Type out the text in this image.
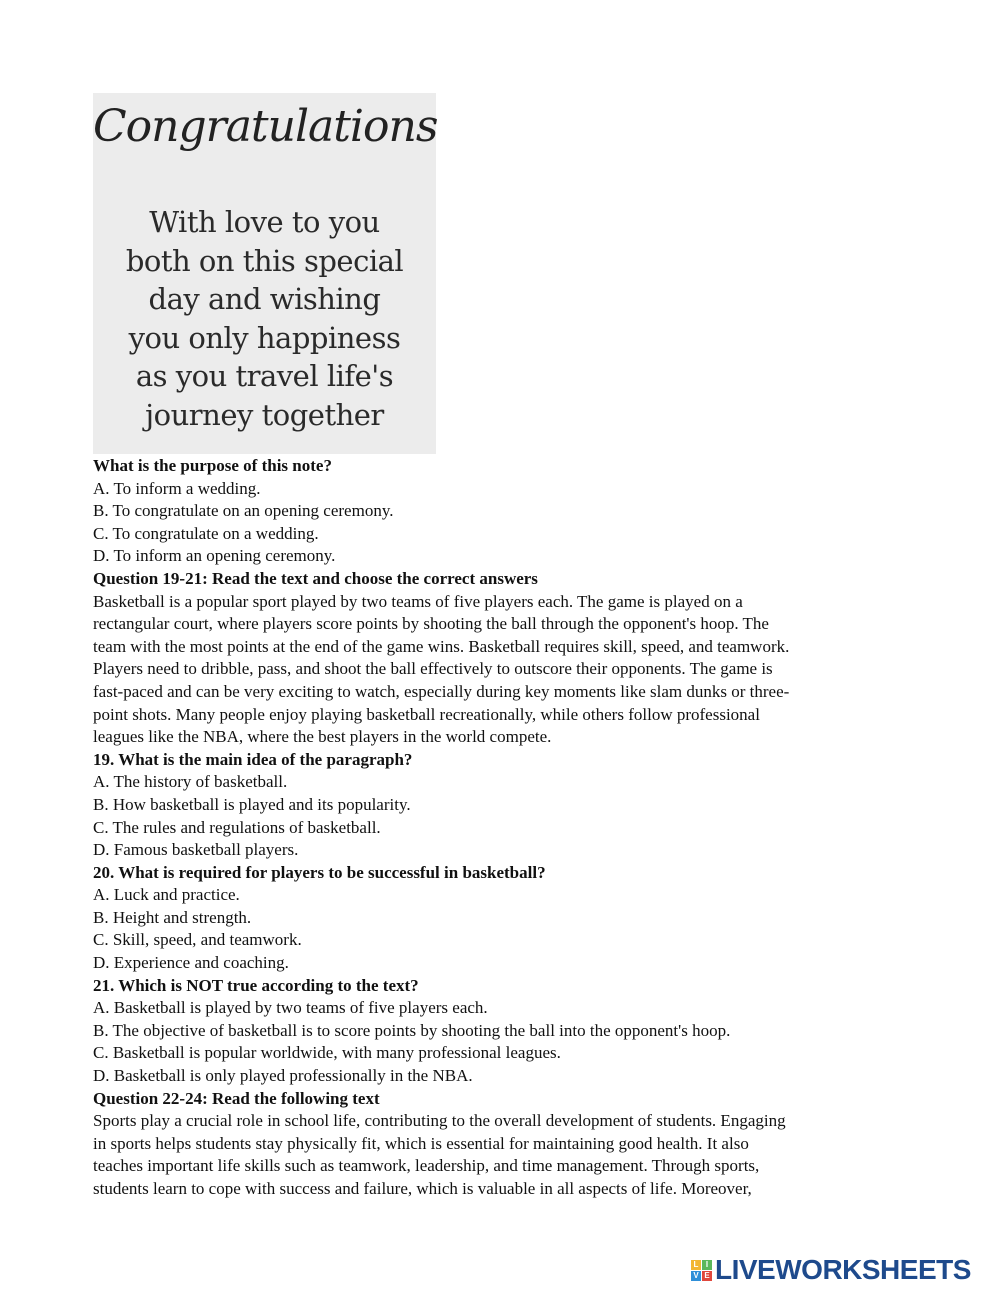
Congratulations
With love to you
both on this special
day and wishing
you only happiness
as you travel life's
journey together
What is the purpose of this note?
A. To inform a wedding.
B. To congratulate on an opening ceremony.
C. To congratulate on a wedding.
D. To inform an opening ceremony.
Question 19-21: Read the text and choose the correct answers
Basketball is a popular sport played by two teams of five players each. The game is played on a
rectangular court, where players score points by shooting the ball through the opponent's hoop. The
team with the most points at the end of the game wins. Basketball requires skill, speed, and teamwork.
Players need to dribble, pass, and shoot the ball effectively to outscore their opponents. The game is
fast-paced and can be very exciting to watch, especially during key moments like slam dunks or three-
point shots. Many people enjoy playing basketball recreationally, while others follow professional
leagues like the NBA, where the best players in the world compete.
19. What is the main idea of the paragraph?
A. The history of basketball.
B. How basketball is played and its popularity.
C. The rules and regulations of basketball.
D. Famous basketball players.
20. What is required for players to be successful in basketball?
A. Luck and practice.
B. Height and strength.
C. Skill, speed, and teamwork.
D. Experience and coaching.
21. Which is NOT true according to the text?
A. Basketball is played by two teams of five players each.
B. The objective of basketball is to score points by shooting the ball into the opponent's hoop.
C. Basketball is popular worldwide, with many professional leagues.
D. Basketball is only played professionally in the NBA.
Question 22-24: Read the following text
Sports play a crucial role in school life, contributing to the overall development of students. Engaging
in sports helps students stay physically fit, which is essential for maintaining good health. It also
teaches important life skills such as teamwork, leadership, and time management. Through sports,
students learn to cope with success and failure, which is valuable in all aspects of life. Moreover,
L I
V E LIVEWORKSHEETS
